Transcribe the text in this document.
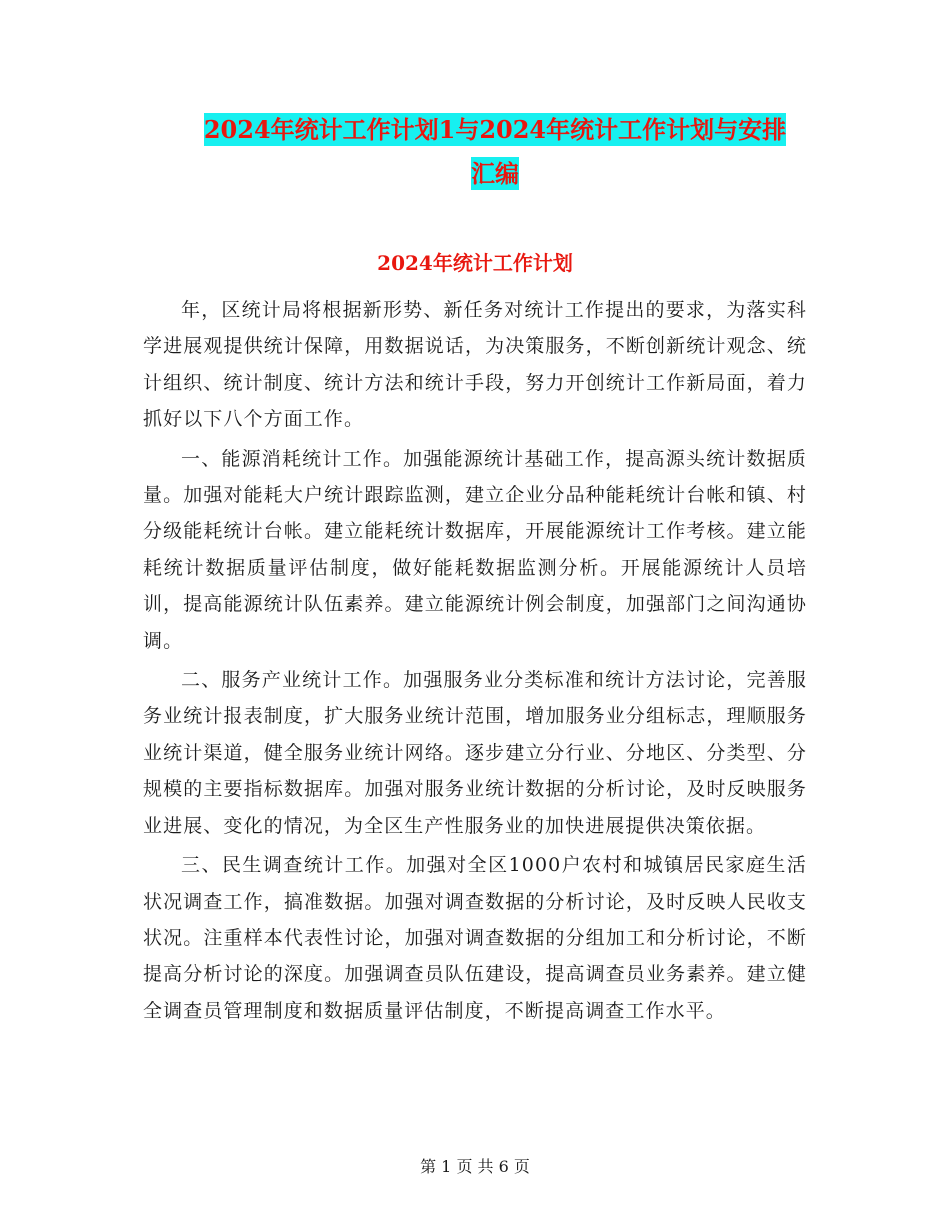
2024年统计工作计划1与2024年统计工作计划与安排
汇编
2024年统计工作计划

年，区统计局将根据新形势、新任务对统计工作提出的要求，为落实科学进展观提供统计保障，用数据说话，为决策服务，不断创新统计观念、统计组织、统计制度、统计方法和统计手段，努力开创统计工作新局面，着力抓好以下八个方面工作。

一、能源消耗统计工作。加强能源统计基础工作，提高源头统计数据质量。加强对能耗大户统计跟踪监测，建立企业分品种能耗统计台帐和镇、村分级能耗统计台帐。建立能耗统计数据库，开展能源统计工作考核。建立能耗统计数据质量评估制度，做好能耗数据监测分析。开展能源统计人员培训，提高能源统计队伍素养。建立能源统计例会制度，加强部门之间沟通协调。

二、服务产业统计工作。加强服务业分类标准和统计方法讨论，完善服务业统计报表制度，扩大服务业统计范围，增加服务业分组标志，理顺服务业统计渠道，健全服务业统计网络。逐步建立分行业、分地区、分类型、分规模的主要指标数据库。加强对服务业统计数据的分析讨论，及时反映服务业进展、变化的情况，为全区生产性服务业的加快进展提供决策依据。

三、民生调查统计工作。加强对全区1000户农村和城镇居民家庭生活状况调查工作，搞准数据。加强对调查数据的分析讨论，及时反映人民收支状况。注重样本代表性讨论，加强对调查数据的分组加工和分析讨论，不断提高分析讨论的深度。加强调查员队伍建设，提高调查员业务素养。建立健全调查员管理制度和数据质量评估制度，不断提高调查工作水平。

第 1 页 共 6 页
